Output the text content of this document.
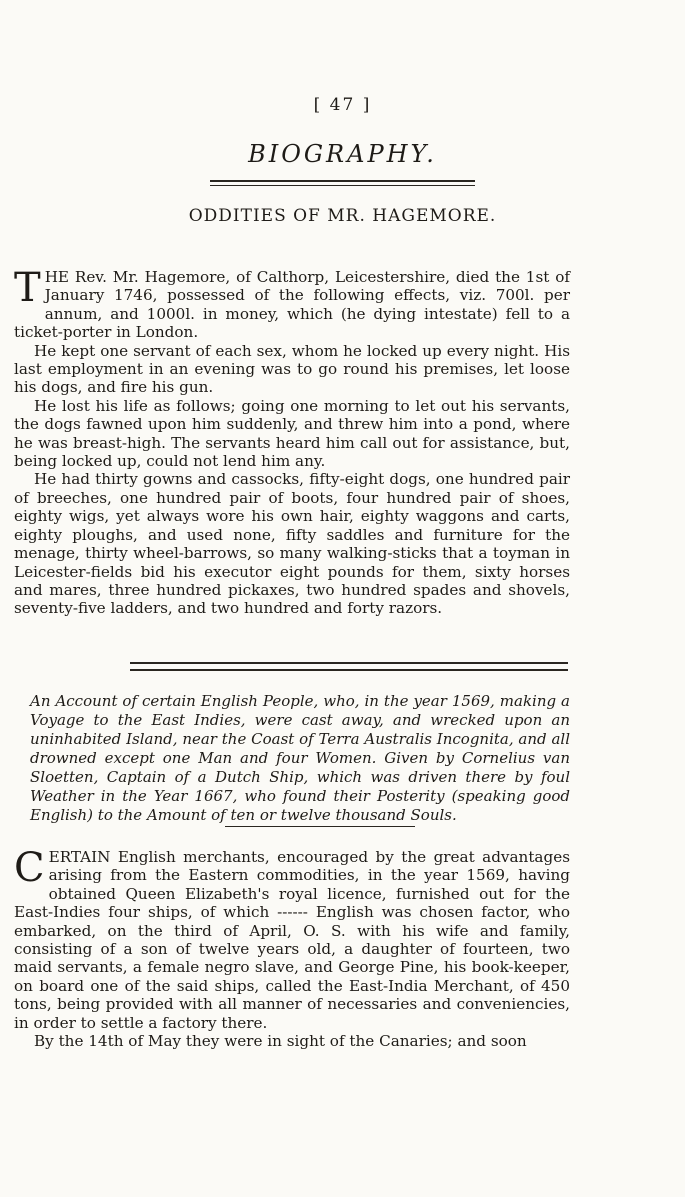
[ 47 ]
BIOGRAPHY.
ODDITIES OF MR. HAGEMORE.

THE Rev. Mr. Hagemore, of Calthorp, Leicestershire, died the 1st of January 1746, possessed of the following effects, viz. 700l. per annum, and 1000l. in money, which (he dying intestate) fell to a ticket-porter in London.

He kept one servant of each sex, whom he locked up every night. His last employment in an evening was to go round his premises, let loose his dogs, and fire his gun.

He lost his life as follows; going one morning to let out his servants, the dogs fawned upon him suddenly, and threw him into a pond, where he was breast-high. The servants heard him call out for assistance, but, being locked up, could not lend him any.

He had thirty gowns and cassocks, fifty-eight dogs, one hundred pair of breeches, one hundred pair of boots, four hundred pair of shoes, eighty wigs, yet always wore his own hair, eighty waggons and carts, eighty ploughs, and used none, fifty saddles and furniture for the menage, thirty wheel-barrows, so many walking-sticks that a toyman in Leicester-fields bid his executor eight pounds for them, sixty horses and mares, three hundred pickaxes, two hundred spades and shovels, seventy-five ladders, and two hundred and forty razors.

An Account of certain English People, who, in the year 1569, making a Voyage to the East Indies, were cast away, and wrecked upon an uninhabited Island, near the Coast of Terra Australis Incognita, and all drowned except one Man and four Women. Given by Cornelius van Sloetten, Captain of a Dutch Ship, which was driven there by foul Weather in the Year 1667, who found their Posterity (speaking good English) to the Amount of ten or twelve thousand Souls.

CERTAIN English merchants, encouraged by the great advantages arising from the Eastern commodities, in the year 1569, having obtained Queen Elizabeth's royal licence, furnished out for the East-Indies four ships, of which ------ English was chosen factor, who embarked, on the third of April, O. S. with his wife and family, consisting of a son of twelve years old, a daughter of fourteen, two maid servants, a female negro slave, and George Pine, his book-keeper, on board one of the said ships, called the East-India Merchant, of 450 tons, being provided with all manner of necessaries and conveniencies, in order to settle a factory there.

By the 14th of May they were in sight of the Canaries; and soon
